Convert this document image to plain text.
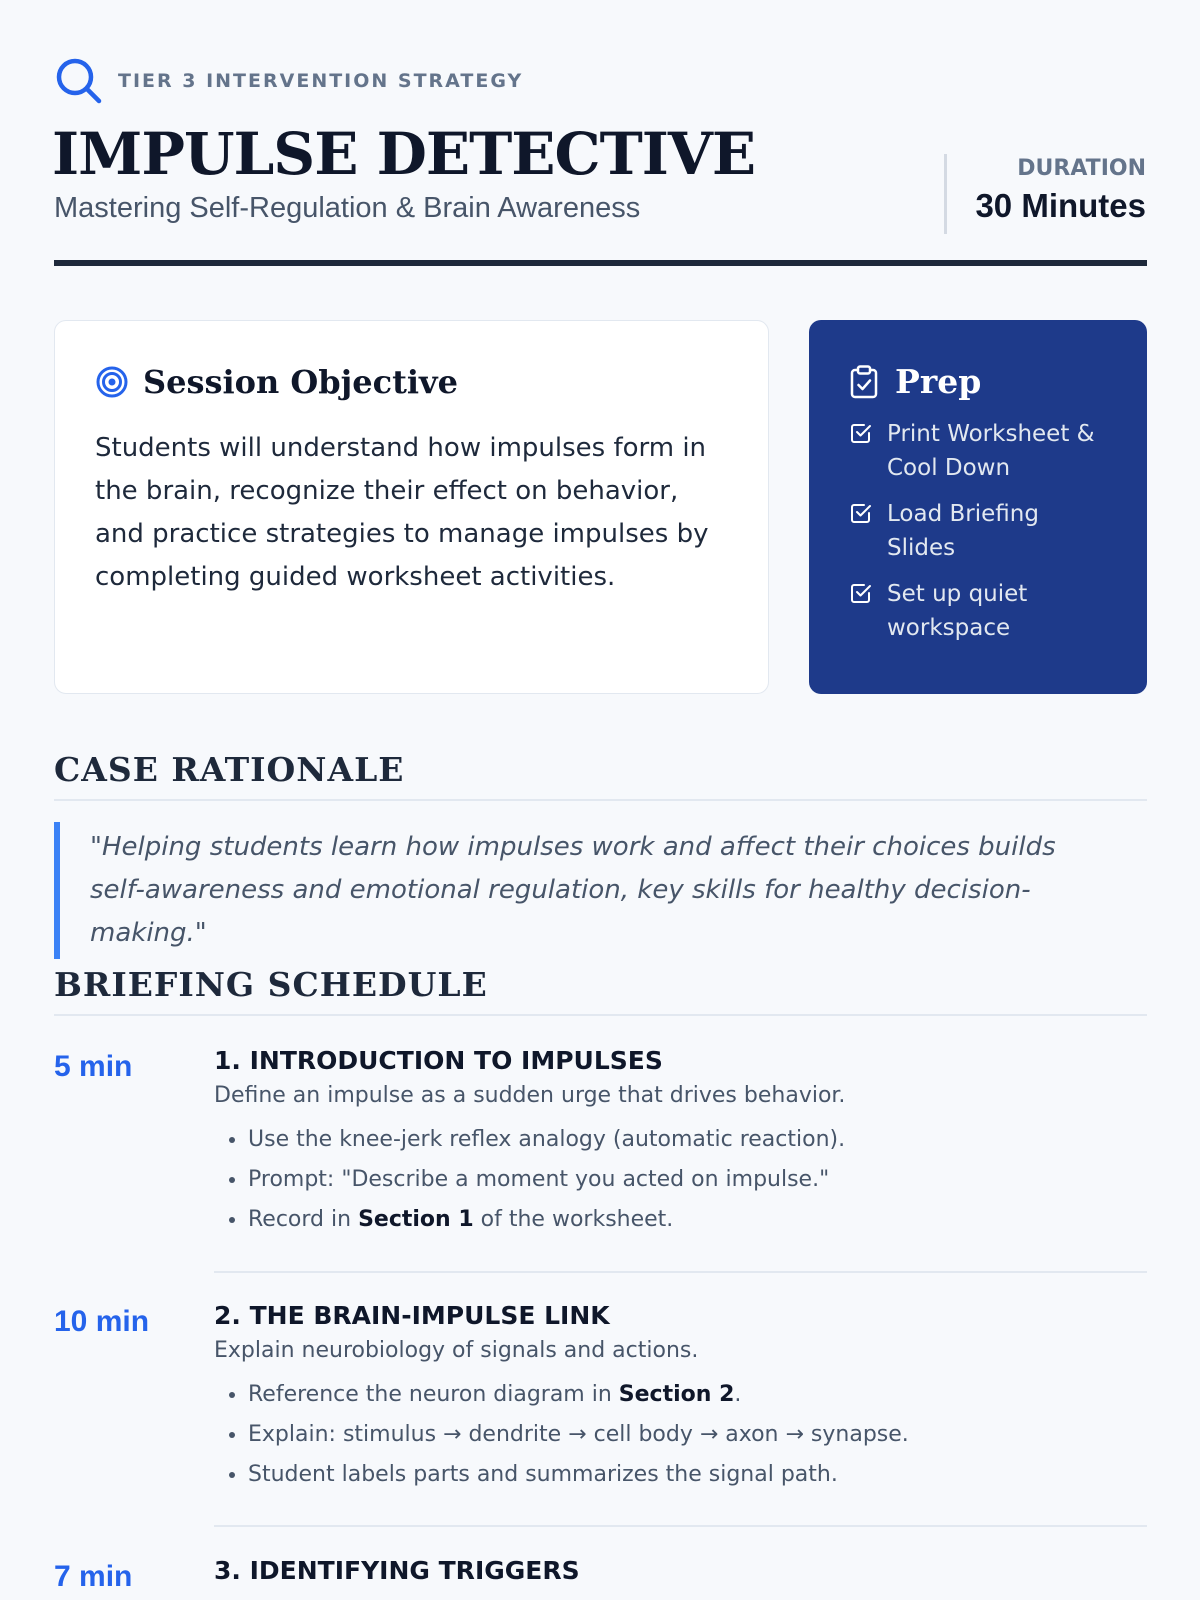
TIER 3 INTERVENTION STRATEGY
IMPULSE DETECTIVE
Mastering Self-Regulation & Brain Awareness
DURATION
30 Minutes
Session Objective

Students will understand how impulses form in the brain, recognize their effect on behavior, and practice strategies to manage impulses by completing guided worksheet activities.

Prep
Print Worksheet & Cool Down
Load Briefing Slides
Set up quiet workspace
CASE RATIONALE
"Helping students learn how impulses work and affect their choices builds self-awareness and emotional regulation, key skills for healthy decision-making."
BRIEFING SCHEDULE
5 min	1. INTRODUCTION TO IMPULSES
Define an impulse as a sudden urge that drives behavior.
• Use the knee-jerk reflex analogy (automatic reaction).
• Prompt: "Describe a moment you acted on impulse."
• Record in Section 1 of the worksheet.
10 min	2. THE BRAIN-IMPULSE LINK
Explain neurobiology of signals and actions.
• Reference the neuron diagram in Section 2.
• Explain: stimulus → dendrite → cell body → axon → synapse.
• Student labels parts and summarizes the signal path.
7 min	3. IDENTIFYING TRIGGERS
